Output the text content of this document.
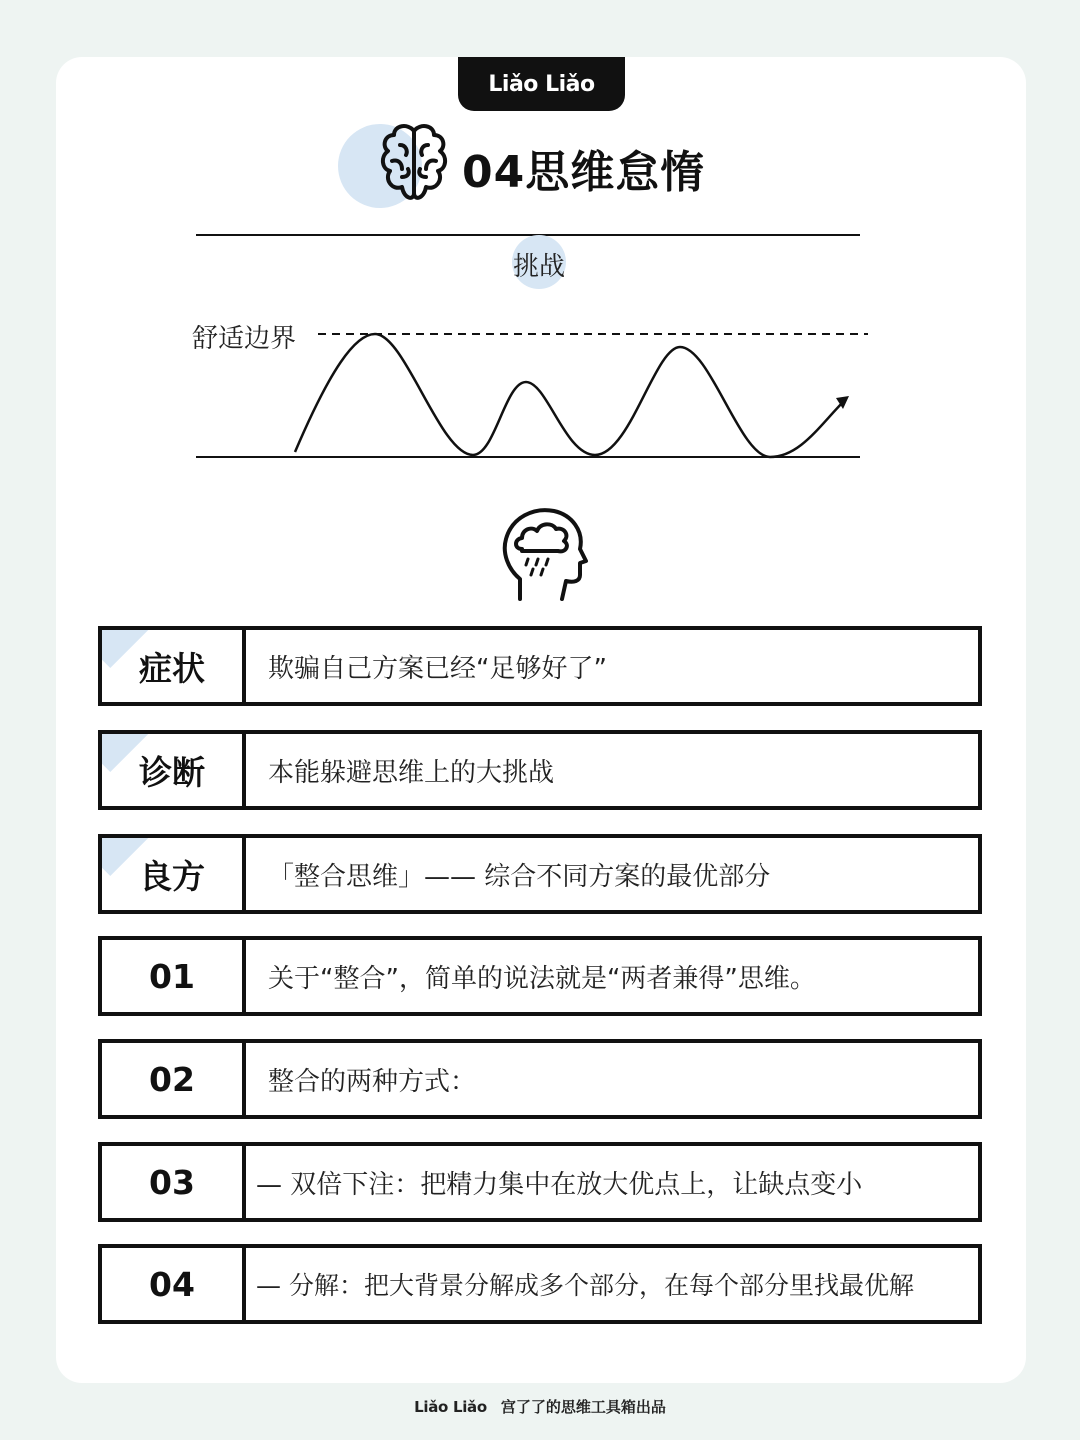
Liǎo Liǎo
04思维怠惰
挑战
舒适边界
症状 欺骗自己方案已经“足够好了”
诊断 本能躲避思维上的大挑战
良方 「整合思维」—— 综合不同方案的最优部分
01	关于“整合”，简单的说法就是“两者兼得”思维。
02	整合的两种方式：
03 — 双倍下注：把精力集中在放大优点上，让缺点变小
04 — 分解：把大背景分解成多个部分，在每个部分里找最优解
Liǎo Liǎo 宫了了的思维工具箱出品
